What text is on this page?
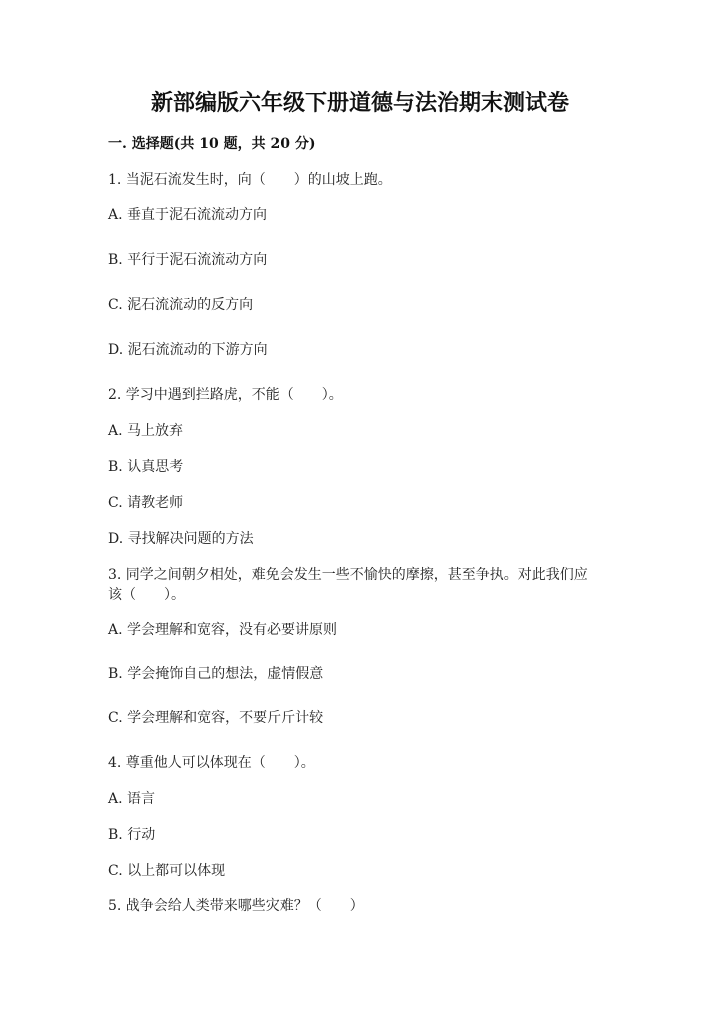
新部编版六年级下册道德与法治期末测试卷
一. 选择题(共 10 题，共 20 分)
1. 当泥石流发生时，向（　　）的山坡上跑。
A. 垂直于泥石流流动方向
B. 平行于泥石流流动方向
C. 泥石流流动的反方向
D. 泥石流流动的下游方向
2. 学习中遇到拦路虎，不能（　　）。
A. 马上放弃
B. 认真思考
C. 请教老师
D. 寻找解决问题的方法
3. 同学之间朝夕相处，难免会发生一些不愉快的摩擦，甚至争执。对此我们应
该（　　）。
A. 学会理解和宽容，没有必要讲原则
B. 学会掩饰自己的想法，虚情假意
C. 学会理解和宽容，不要斤斤计较
4. 尊重他人可以体现在（　　）。
A. 语言
B. 行动
C. 以上都可以体现
5. 战争会给人类带来哪些灾难？（　　）
